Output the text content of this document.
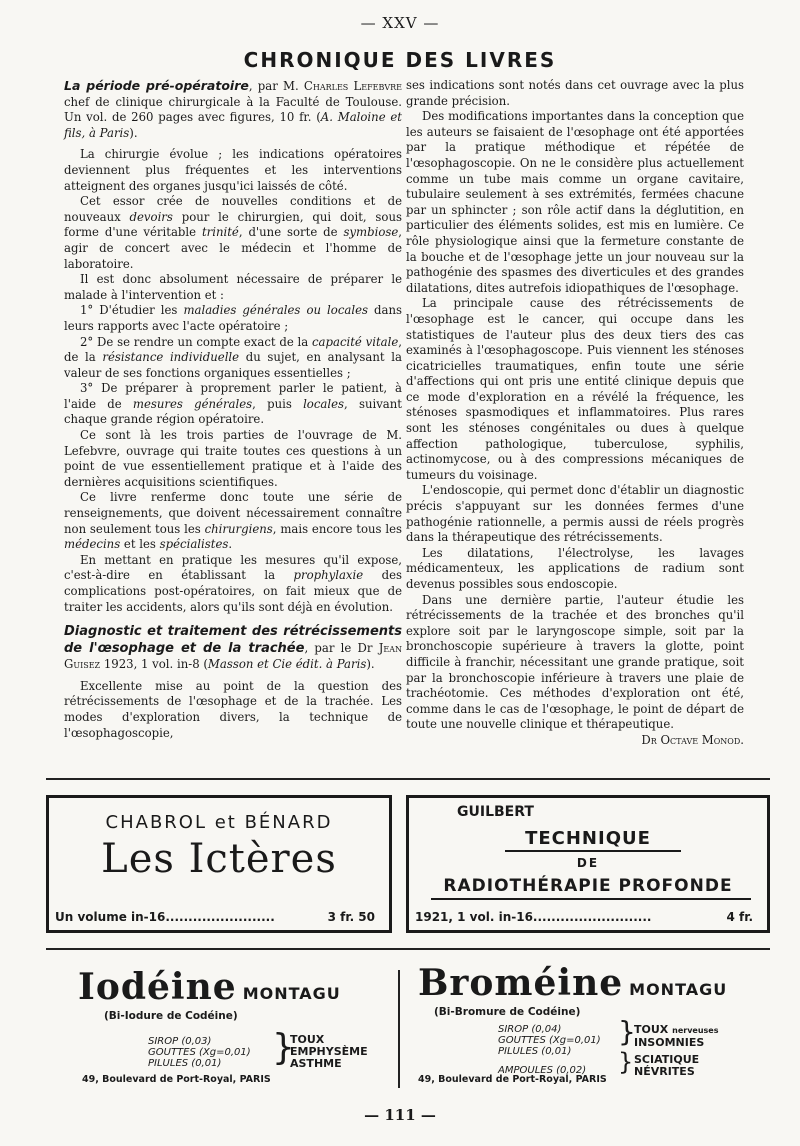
— XXV —
CHRONIQUE DES LIVRES
La période pré-opératoire, par M. Charles Lefebvre chef de clinique chirurgicale à la Faculté de Toulouse. Un vol. de 260 pages avec figures, 10 fr. (A. Maloine et fils, à Paris).

La chirurgie évolue ; les indications opératoires deviennent plus fréquentes et les interventions atteignent des organes jusqu'ici laissés de côté.

Cet essor crée de nouvelles conditions et de nouveaux devoirs pour le chirurgien, qui doit, sous forme d'une véritable trinité, d'une sorte de symbiose, agir de concert avec le médecin et l'homme de laboratoire.

Il est donc absolument nécessaire de préparer le malade à l'intervention et :

1° D'étudier les maladies générales ou locales dans leurs rapports avec l'acte opératoire ;

2° De se rendre un compte exact de la capacité vitale, de la résistance individuelle du sujet, en analysant la valeur de ses fonctions organiques essentielles ;

3° De préparer à proprement parler le patient, à l'aide de mesures générales, puis locales, suivant chaque grande région opératoire.

Ce sont là les trois parties de l'ouvrage de M. Lefebvre, ouvrage qui traite toutes ces questions à un point de vue essentiellement pratique et à l'aide des dernières acquisitions scientifiques.

Ce livre renferme donc toute une série de renseignements, que doivent nécessairement connaître non seulement tous les chirurgiens, mais encore tous les médecins et les spécialistes.

En mettant en pratique les mesures qu'il expose, c'est-à-dire en établissant la prophylaxie des complications post-opératoires, on fait mieux que de traiter les accidents, alors qu'ils sont déjà en évolution.

Diagnostic et traitement des rétrécissements de l'œsophage et de la trachée, par le Dr Jean Guisez 1923, 1 vol. in-8 (Masson et Cie édit. à Paris).

Excellente mise au point de la question des rétrécissements de l'œsophage et de la trachée. Les modes d'exploration divers, la technique de l'œsophagoscopie,

ses indications sont notés dans cet ouvrage avec la plus grande précision.

Des modifications importantes dans la conception que les auteurs se faisaient de l'œsophage ont été apportées par la pratique méthodique et répétée de l'œsophagoscopie. On ne le considère plus actuellement comme un tube mais comme un organe cavitaire, tubulaire seulement à ses extrémités, fermées chacune par un sphincter ; son rôle actif dans la déglutition, en particulier des éléments solides, est mis en lumière. Ce rôle physiologique ainsi que la fermeture constante de la bouche et de l'œsophage jette un jour nouveau sur la pathogénie des spasmes des diverticules et des grandes dilatations, dites autrefois idiopathiques de l'œsophage.

La principale cause des rétrécissements de l'œsophage est le cancer, qui occupe dans les statistiques de l'auteur plus des deux tiers des cas examinés à l'œsophagoscope. Puis viennent les sténoses cicatricielles traumatiques, enfin toute une série d'affections qui ont pris une entité clinique depuis que ce mode d'exploration en a révélé la fréquence, les sténoses spasmodiques et inflammatoires. Plus rares sont les sténoses congénitales ou dues à quelque affection pathologique, tuberculose, syphilis, actinomycose, ou à des compressions mécaniques de tumeurs du voisinage.

L'endoscopie, qui permet donc d'établir un diagnostic précis s'appuyant sur les données fermes d'une pathogénie rationnelle, a permis aussi de réels progrès dans la thérapeutique des rétrécissements.

Les dilatations, l'électrolyse, les lavages médicamenteux, les applications de radium sont devenus possibles sous endoscopie.

Dans une dernière partie, l'auteur étudie les rétrécissements de la trachée et des bronches qu'il explore soit par le laryngoscope simple, soit par la bronchoscopie supérieure à travers la glotte, point difficile à franchir, nécessitant une grande pratique, soit par la bronchoscopie inférieure à travers une plaie de trachéotomie. Ces méthodes d'exploration ont été, comme dans le cas de l'œsophage, le point de départ de toute une nouvelle clinique et thérapeutique.

Dr Octave Monod.
CHABROL et BÉNARD
Les Ictères
Un volume in-16........................	3 fr. 50
GUILBERT
TECHNIQUE
DE
RADIOTHÉRAPIE PROFONDE
1921, 1 vol. in-16..........................	4 fr.
Iodéine MONTAGU
(Bi-Iodure de Codéine)
SIROP (0,03)
GOUTTES (Xg=0,01)
PILULES (0,01)	}
TOUX
EMPHYSÈME
ASTHME
49, Boulevard de Port-Royal, PARIS
Broméine MONTAGU
(Bi-Bromure de Codéine)
SIROP (0,04)
GOUTTES (Xg=0,01)
PILULES (0,01)
AMPOULES (0,02)
}
TOUX nerveuses
INSOMNIES
} SCIATIQUE
NÉVRITES
49, Boulevard de Port-Royal, PARIS
— 111 —
